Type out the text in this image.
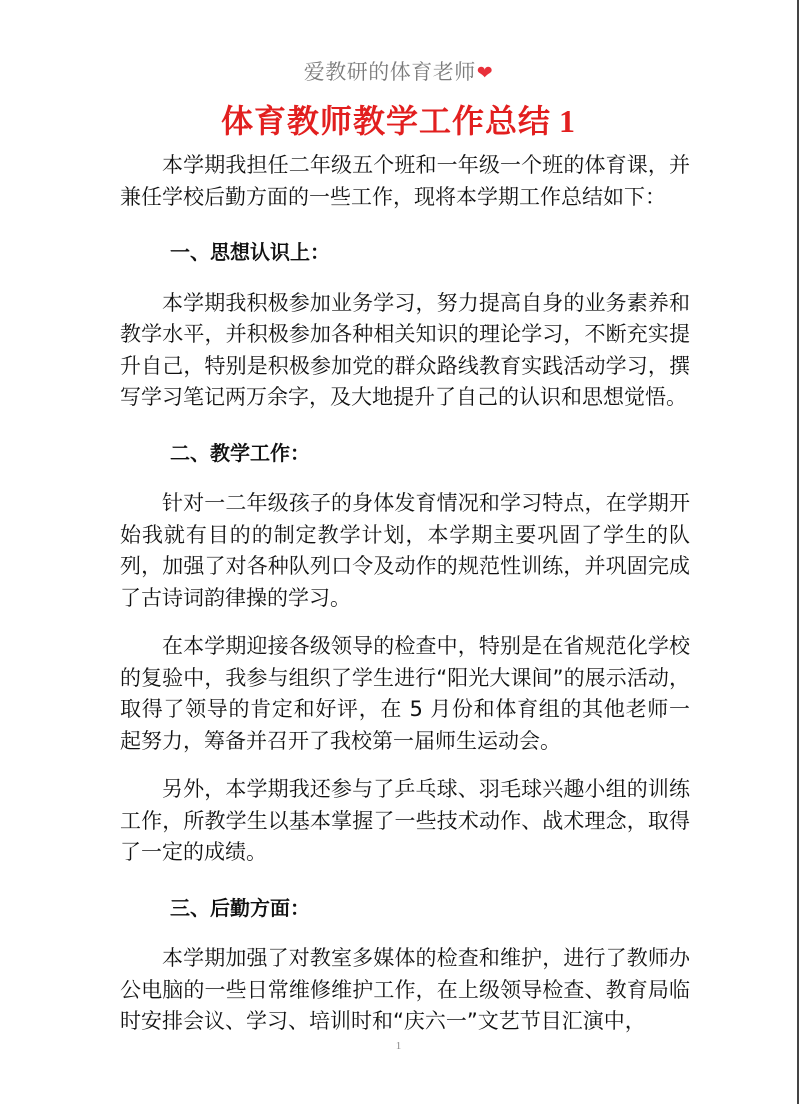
爱教研的体育老师❤
体育教师教学工作总结 1

本学期我担任二年级五个班和一年级一个班的体育课，并兼任学校后勤方面的一些工作，现将本学期工作总结如下：

一、思想认识上：

本学期我积极参加业务学习，努力提高自身的业务素养和教学水平，并积极参加各种相关知识的理论学习，不断充实提升自己，特别是积极参加党的群众路线教育实践活动学习，撰写学习笔记两万余字，及大地提升了自己的认识和思想觉悟。

二、教学工作：

针对一二年级孩子的身体发育情况和学习特点，在学期开始我就有目的的制定教学计划，本学期主要巩固了学生的队列，加强了对各种队列口令及动作的规范性训练，并巩固完成了古诗词韵律操的学习。

在本学期迎接各级领导的检查中，特别是在省规范化学校的复验中，我参与组织了学生进行“阳光大课间”的展示活动，取得了领导的肯定和好评，在 5 月份和体育组的其他老师一起努力，筹备并召开了我校第一届师生运动会。

另外，本学期我还参与了乒乓球、羽毛球兴趣小组的训练工作，所教学生以基本掌握了一些技术动作、战术理念，取得了一定的成绩。

三、后勤方面：

本学期加强了对教室多媒体的检查和维护，进行了教师办公电脑的一些日常维修维护工作，在上级领导检查、教育局临时安排会议、学习、培训时和“庆六一”文艺节目汇演中，

1
